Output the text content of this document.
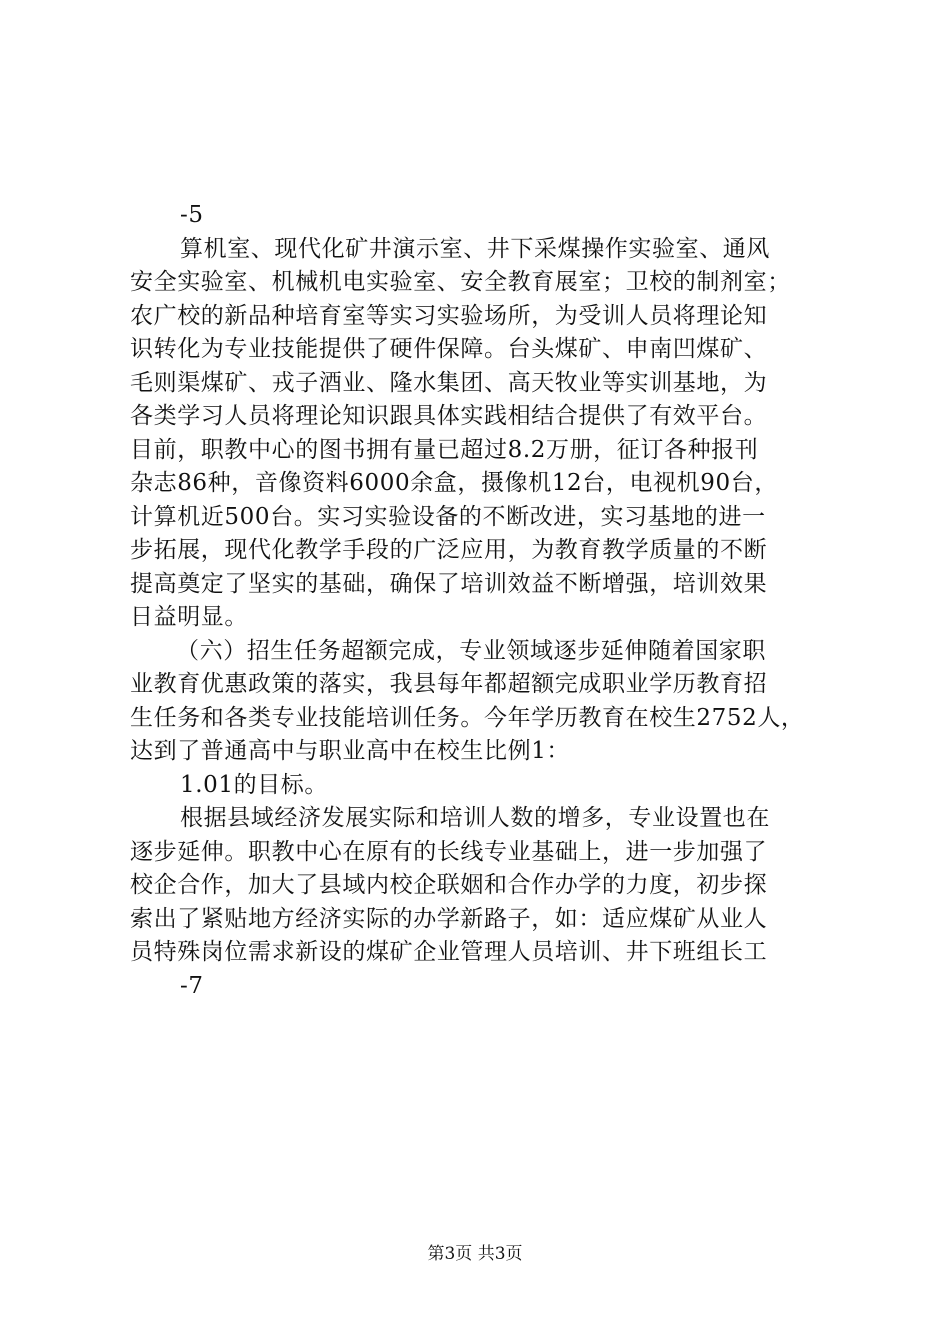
-5
算机室、现代化矿井演示室、井下采煤操作实验室、通风
安全实验室、机械机电实验室、安全教育展室；卫校的制剂室；
农广校的新品种培育室等实习实验场所，为受训人员将理论知
识转化为专业技能提供了硬件保障。台头煤矿、申南凹煤矿、
毛则渠煤矿、戎子酒业、隆水集团、高天牧业等实训基地，为
各类学习人员将理论知识跟具体实践相结合提供了有效平台。
目前，职教中心的图书拥有量已超过8.2万册，征订各种报刊
杂志86种，音像资料6000余盒，摄像机12台，电视机90台，
计算机近500台。实习实验设备的不断改进，实习基地的进一
步拓展，现代化教学手段的广泛应用，为教育教学质量的不断
提高奠定了坚实的基础，确保了培训效益不断增强，培训效果
日益明显。
（六）招生任务超额完成，专业领域逐步延伸随着国家职
业教育优惠政策的落实，我县每年都超额完成职业学历教育招
生任务和各类专业技能培训任务。今年学历教育在校生2752人，
达到了普通高中与职业高中在校生比例1：
1.01的目标。
根据县域经济发展实际和培训人数的增多，专业设置也在
逐步延伸。职教中心在原有的长线专业基础上，进一步加强了
校企合作，加大了县域内校企联姻和合作办学的力度，初步探
索出了紧贴地方经济实际的办学新路子，如：适应煤矿从业人
员特殊岗位需求新设的煤矿企业管理人员培训、井下班组长工
-7
第3页 共3页
